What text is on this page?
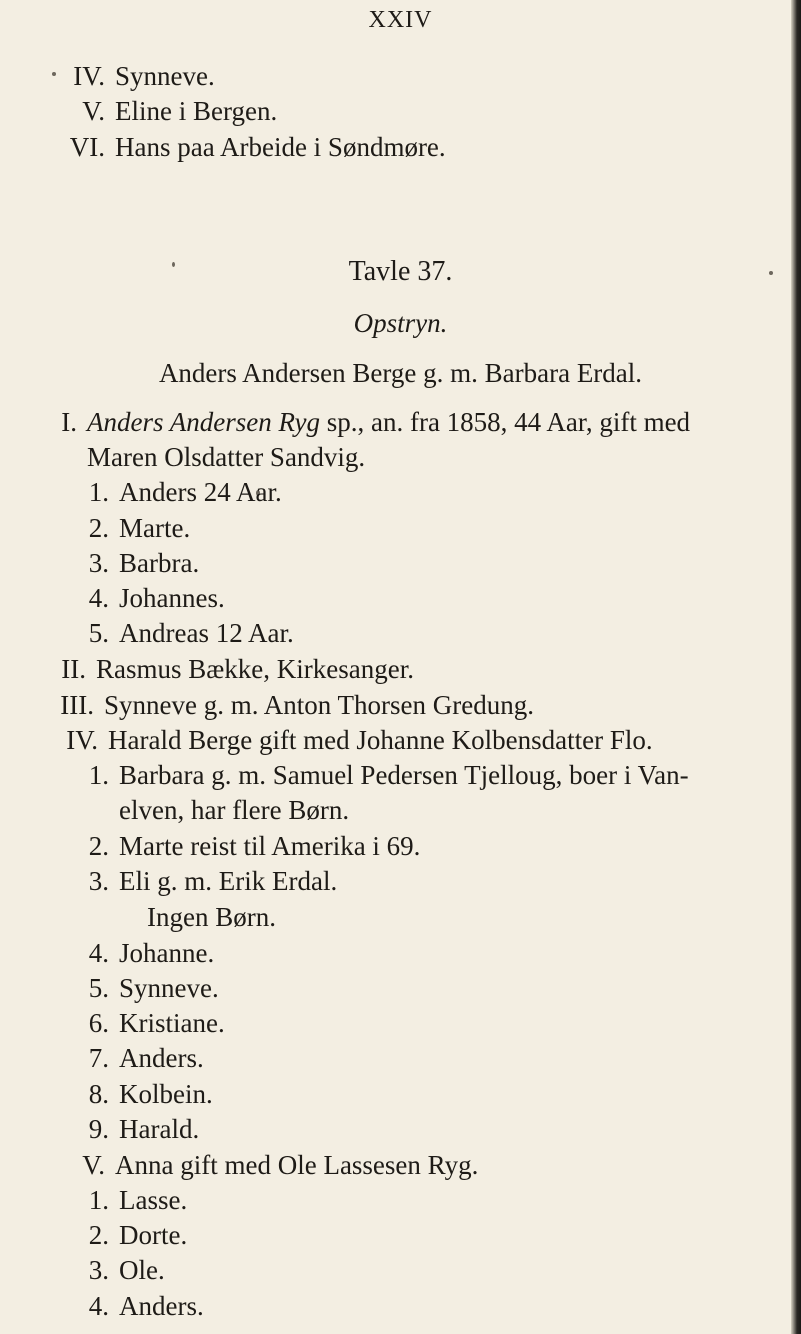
XXIV
IV. Synneve.
V. Eline i Bergen.
VI. Hans paa Arbeide i Søndmøre.
Tavle 37.
Opstryn.
Anders Andersen Berge g. m. Barbara Erdal.
I. Anders Andersen Ryg sp., an. fra 1858, 44 Aar, gift med
Maren Olsdatter Sandvig.
1. Anders 24 Aar.
2. Marte.
3. Barbra.
4. Johannes.
5. Andreas 12 Aar.
II. Rasmus Bække, Kirkesanger.
III. Synneve g. m. Anton Thorsen Gredung.
IV. Harald Berge gift med Johanne Kolbensdatter Flo.
1. Barbara g. m. Samuel Pedersen Tjelloug, boer i Van-
elven, har flere Børn.
2. Marte reist til Amerika i 69.
3. Eli g. m. Erik Erdal.
Ingen Børn.
4. Johanne.
5. Synneve.
6. Kristiane.
7. Anders.
8. Kolbein.
9. Harald.
V. Anna gift med Ole Lassesen Ryg.
1. Lasse.
2. Dorte.
3. Ole.
4. Anders.
